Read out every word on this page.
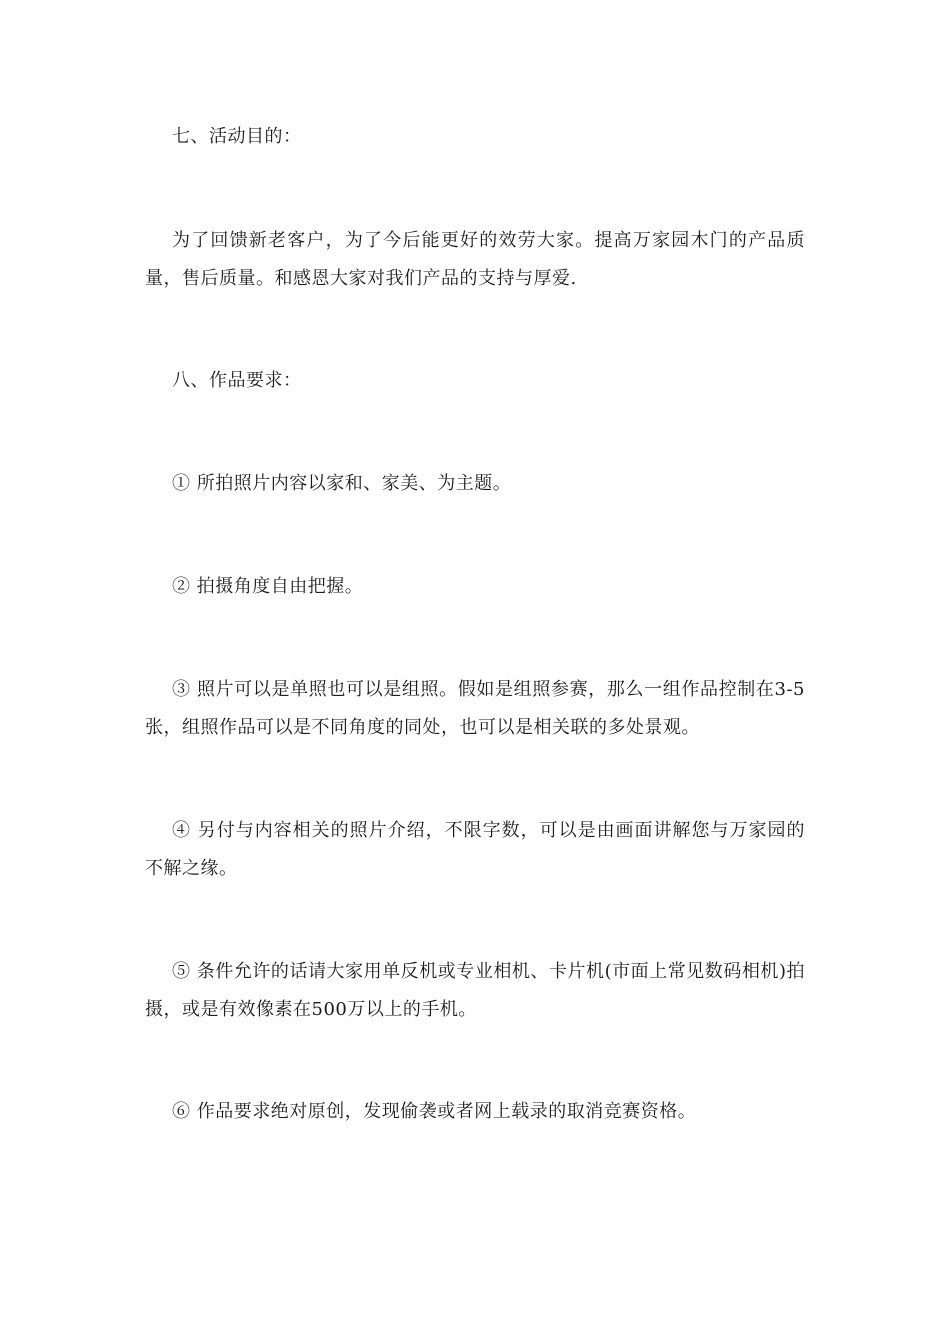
七、活动目的：

为了回馈新老客户，为了今后能更好的效劳大家。提高万家园木门的产品质量，售后质量。和感恩大家对我们产品的支持与厚爱.

八、作品要求：

① 所拍照片内容以家和、家美、为主题。

② 拍摄角度自由把握。

③ 照片可以是单照也可以是组照。假如是组照参赛，那么一组作品控制在3-5张，组照作品可以是不同角度的同处，也可以是相关联的多处景观。

④ 另付与内容相关的照片介绍，不限字数，可以是由画面讲解您与万家园的不解之缘。

⑤ 条件允许的话请大家用单反机或专业相机、卡片机(市面上常见数码相机)拍摄，或是有效像素在500万以上的手机。

⑥ 作品要求绝对原创，发现偷袭或者网上载录的取消竞赛资格。
